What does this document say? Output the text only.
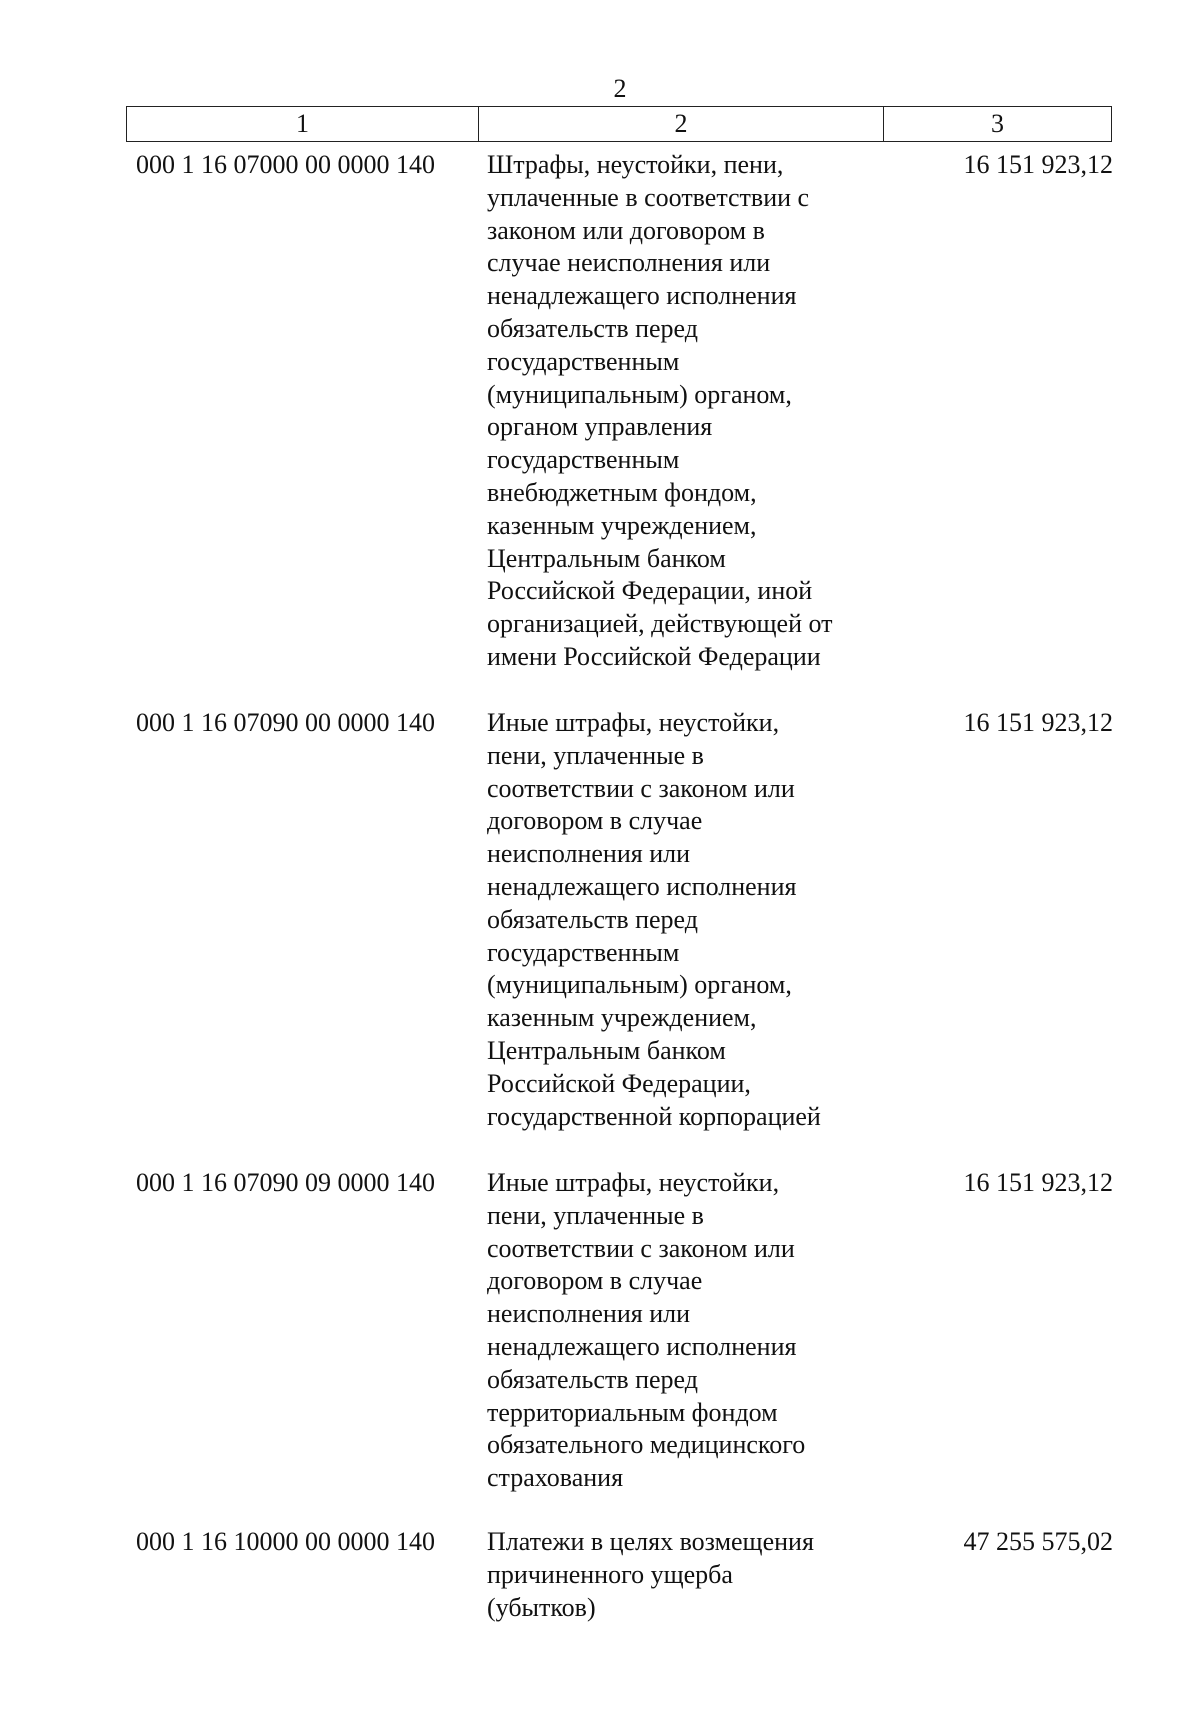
2
1	2	3
000 1 16 07000 00 0000 140 Штрафы, неустойки, пени,
уплаченные в соответствии с
законом или договором в
случае неисполнения или
ненадлежащего исполнения
обязательств перед
государственным
(муниципальным) органом,
органом управления
государственным
внебюджетным фондом,
казенным учреждением,
Центральным банком
Российской Федерации, иной
организацией, действующей от
имени Российской Федерации
16 151 923,12
000 1 16 07090 00 0000 140 Иные штрафы, неустойки,
пени, уплаченные в
соответствии с законом или
договором в случае
неисполнения или
ненадлежащего исполнения
обязательств перед
государственным
(муниципальным) органом,
казенным учреждением,
Центральным банком
Российской Федерации,
государственной корпорацией
16 151 923,12
000 1 16 07090 09 0000 140 Иные штрафы, неустойки,
пени, уплаченные в
соответствии с законом или
договором в случае
неисполнения или
ненадлежащего исполнения
обязательств перед
территориальным фондом
обязательного медицинского
страхования
16 151 923,12
000 1 16 10000 00 0000 140 Платежи в целях возмещения
причиненного ущерба
(убытков)
47 255 575,02
